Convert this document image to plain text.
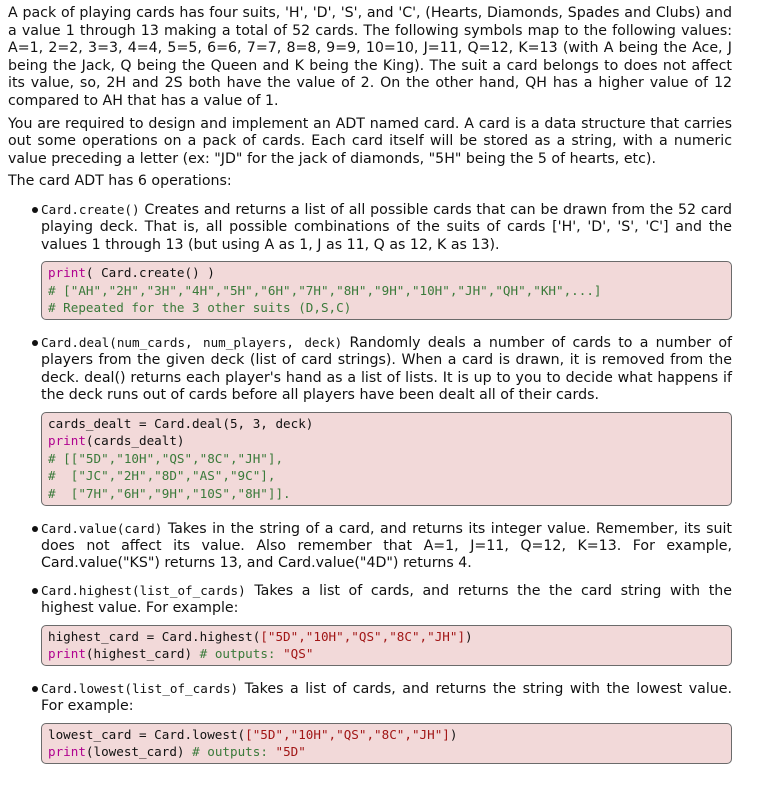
A pack of playing cards has four suits, 'H', 'D', 'S', and 'C', (Hearts, Diamonds, Spades and Clubs) and a value 1 through 13 making a total of 52 cards. The following symbols map to the following values: A=1, 2=2, 3=3, 4=4, 5=5, 6=6, 7=7, 8=8, 9=9, 10=10, J=11, Q=12, K=13 (with A being the Ace, J being the Jack, Q being the Queen and K being the King). The suit a card belongs to does not affect its value, so, 2H and 2S both have the value of 2. On the other hand, QH has a higher value of 12 compared to AH that has a value of 1.

You are required to design and implement an ADT named card. A card is a data structure that carries out some operations on a pack of cards. Each card itself will be stored as a string, with a numeric value preceding a letter (ex: "JD" for the jack of diamonds, "5H" being the 5 of hearts, etc).

The card ADT has 6 operations:

Card.create() Creates and returns a list of all possible cards that can be drawn from the 52 card playing deck. That is, all possible combinations of the suits of cards ['H', 'D', 'S', 'C'] and the values 1 through 13 (but using A as 1, J as 11, Q as 12, K as 13).
print( Card.create() )
# ["AH","2H","3H","4H","5H","6H","7H","8H","9H","10H","JH","QH","KH",...]
# Repeated for the 3 other suits (D,S,C)
Card.deal(num_cards, num_players, deck) Randomly deals a number of cards to a number of players from the given deck (list of card strings). When a card is drawn, it is removed from the deck. deal() returns each player's hand as a list of lists. It is up to you to decide what happens if the deck runs out of cards before all players have been dealt all of their cards.
cards_dealt = Card.deal(5, 3, deck)
print(cards_dealt)
# [["5D","10H","QS","8C","JH"],
#  ["JC","2H","8D","AS","9C"],
#  ["7H","6H","9H","10S","8H"]].
Card.value(card) Takes in the string of a card, and returns its integer value. Remember, its suit does not affect its value. Also remember that A=1, J=11, Q=12, K=13. For example, Card.value("KS") returns 13, and Card.value("4D") returns 4.
Card.highest(list_of_cards) Takes a list of cards, and returns the the card string with the highest value. For example:
highest_card = Card.highest(["5D","10H","QS","8C","JH"])
print(highest_card) # outputs: "QS"
Card.lowest(list_of_cards) Takes a list of cards, and returns the string with the lowest value. For example:
lowest_card = Card.lowest(["5D","10H","QS","8C","JH"])
print(lowest_card) # outputs: "5D"
